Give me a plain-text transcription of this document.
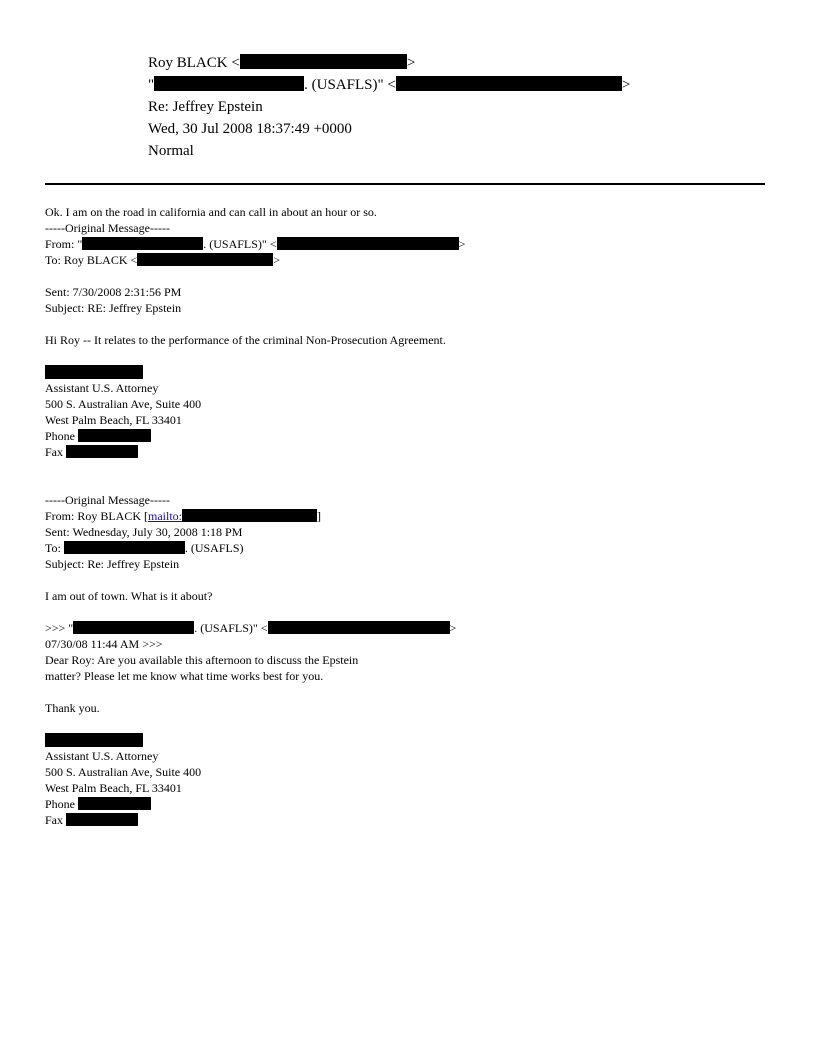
Roy BLACK <	>
"	. (USAFLS)" <	>
Re: Jeffrey Epstein
Wed, 30 Jul 2008 18:37:49 +0000
Normal
Ok. I am on the road in california and can call in about an hour or so.
-----Original Message-----
From: "	. (USAFLS)" <	>
To: Roy BLACK <	>
Sent: 7/30/2008 2:31:56 PM
Subject: RE: Jeffrey Epstein
Hi Roy -- It relates to the performance of the criminal Non-Prosecution Agreement.
Assistant U.S. Attorney
500 S. Australian Ave, Suite 400
West Palm Beach, FL 33401
Phone
Fax
-----Original Message-----
From: Roy BLACK [mailto:	]
Sent: Wednesday, July 30, 2008 1:18 PM
To:	. (USAFLS)
Subject: Re: Jeffrey Epstein
I am out of town. What is it about?
>>> "	. (USAFLS)" <	>
07/30/08 11:44 AM >>>
Dear Roy: Are you available this afternoon to discuss the Epstein
matter? Please let me know what time works best for you.
Thank you.
Assistant U.S. Attorney
500 S. Australian Ave, Suite 400
West Palm Beach, FL 33401
Phone
Fax
